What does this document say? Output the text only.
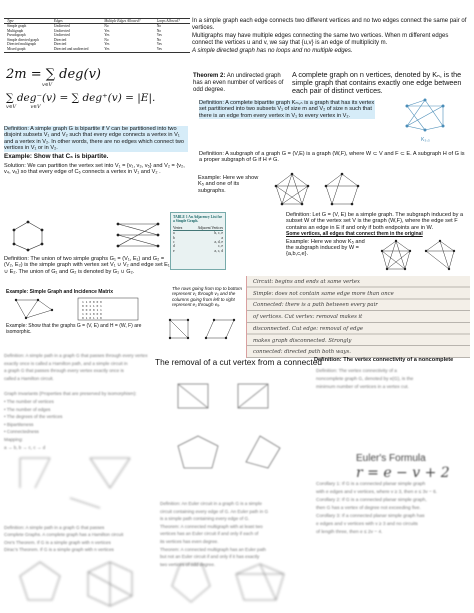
Type	Edges	Multiple Edges Allowed?	Loops Allowed?
Simple graph	Undirected	No	No
Multigraph	Undirected	Yes	No
Pseudograph	Undirected	Yes	Yes
Simple directed graph	Directed	No	No
Directed multigraph	Directed	Yes	Yes
Mixed graph	Directed and undirected	Yes	Yes
In a simple graph each edge connects two different vertices and no two edges connect the same pair of vertices.
Multigraphs may have multiple edges connecting the same two vertices. When m different edges connect the vertices u and v, we say that {u,v} is an edge of multiplicity m.
A simple directed graph has no loops and no multiple edges.
2m = ∑ deg(v)
v∈V
∑ deg⁻(v) = ∑ deg⁺(v) = |E|.
v∈V         v∈V
Theorem 2: An undirected graph has an even number of vertices of odd degree.
A complete graph on n vertices, denoted by Kₙ, is the simple graph that contains exactly one edge between each pair of distinct vertices.
Definition: A simple graph G is bipartite if V can be partitioned into two disjoint subsets V₁ and V₂ such that every edge connects a vertex in V₁ and a vertex in V₂. In other words, there are no edges which connect two vertices in V₁ or in V₂.
Example: Show that C₆ is bipartite.
Solution: We can partition the vertex set into V₁ = {v₁, v₃, v₅} and V₂ = {v₂, v₄, v₆} so that every edge of C₆ connects a vertex in V₁ and V₂ .
Definition: The union of two simple graphs G₁ = (V₁, E₁) and G₂ = (V₂, E₂) is the simple graph with vertex set V₁ ∪ V₂ and edge set E₁ ∪ E₂. The union of G₁ and G₂ is denoted by G₁ ∪ G₂.
Definition: A complete bipartite graph Kₘ,ₙ is a graph that has its vertex set partitioned into two subsets V₁ of size m and V₂ of size n such that there is an edge from every vertex in V₁ to every vertex in V₂.
K₃,₃
Definition: A subgraph of a graph G = (V,E) is a graph (W,F), where W ⊂ V and F ⊂ E. A subgraph H of G is a proper subgraph of G if H ≠ G.
Example: Here we show K₅ and one of its subgraphs.
TABLE 1 An Adjacency List for a Simple Graph.
Vertex	Adjacent Vertices
a	b, c, e
b	a
c	a, d, e
d	c, e
e	a, c, d
Definition: Let G = (V, E) be a simple graph. The subgraph induced by a subset W of the vertex set V is the graph (W,F), where the edge set F contains an edge in E if and only if both endpoints are in W.
Some vertices, all edges that connect them in the original
Example: Here we show K₅ and the subgraph induced by W = {a,b,c,e}.
Example: Simple Graph and Incidence Matrix
1 1 0 0 0 0
0 0 1 1 0 1
0 0 0 0 1 1
1 0 1 0 0 0
0 1 0 1 1 0
The rows going from top to bottom represent v₁ through v₅ and the columns going from left to right represent e₁ through e₆.
Example: Show that the graphs G = (V, E) and H = (W, F) are isomorphic.
Circuit: begins and ends at same vertex
Simple: does not contain same edge more than once
Connected: there is a path between every pair
of vertices. Cut vertex: removal makes it
disconnected. Cut edge: removal of edge
makes graph disconnected. Strongly
connected: directed path both ways.
The removal of a cut vertex from a connected
Definition: The vertex connectivity of a noncomplete
Definition: A simple path in a graph G that passes through every vertex
exactly once is called a Hamilton path, and a simple circuit in
a graph G that passes through every vertex exactly once is
called a Hamilton circuit.
Graph Invariants (Properties that are preserved by isomorphism):
• The number of vertices
• The number of edges
• The degrees of the vertices
• Bipartiteness
• Connectedness
Mapping:
a → b, b → c, c → d
Definition: An Euler circuit in a graph G is a simple
circuit containing every edge of G. An Euler path in G
is a simple path containing every edge of G.
Theorem: A connected multigraph with at least two
vertices has an Euler circuit if and only if each of
its vertices has even degree.
Theorem: A connected multigraph has an Euler path
but not an Euler circuit if and only if it has exactly
two vertices of odd degree.
Definition: The vertex connectivity of a
noncomplete graph G, denoted by κ(G), is the
minimum number of vertices in a vertex cut.
Euler's Formula
r = e − v + 2
Corollary 1: If G is a connected planar simple graph
with e edges and v vertices, where v ≥ 3, then e ≤ 3v − 6.
Corollary 2: If G is a connected planar simple graph,
then G has a vertex of degree not exceeding five.
Corollary 3: If a connected planar simple graph has
e edges and v vertices with v ≥ 3 and no circuits
of length three, then e ≤ 2v − 4.
Definition: A simple path in a graph G that passes
Complete Graphs. A complete graph has a Hamilton circuit
Ore's Theorem. If G is a simple graph with n vertices
Dirac's Theorem. If G is a simple graph with n vertices
